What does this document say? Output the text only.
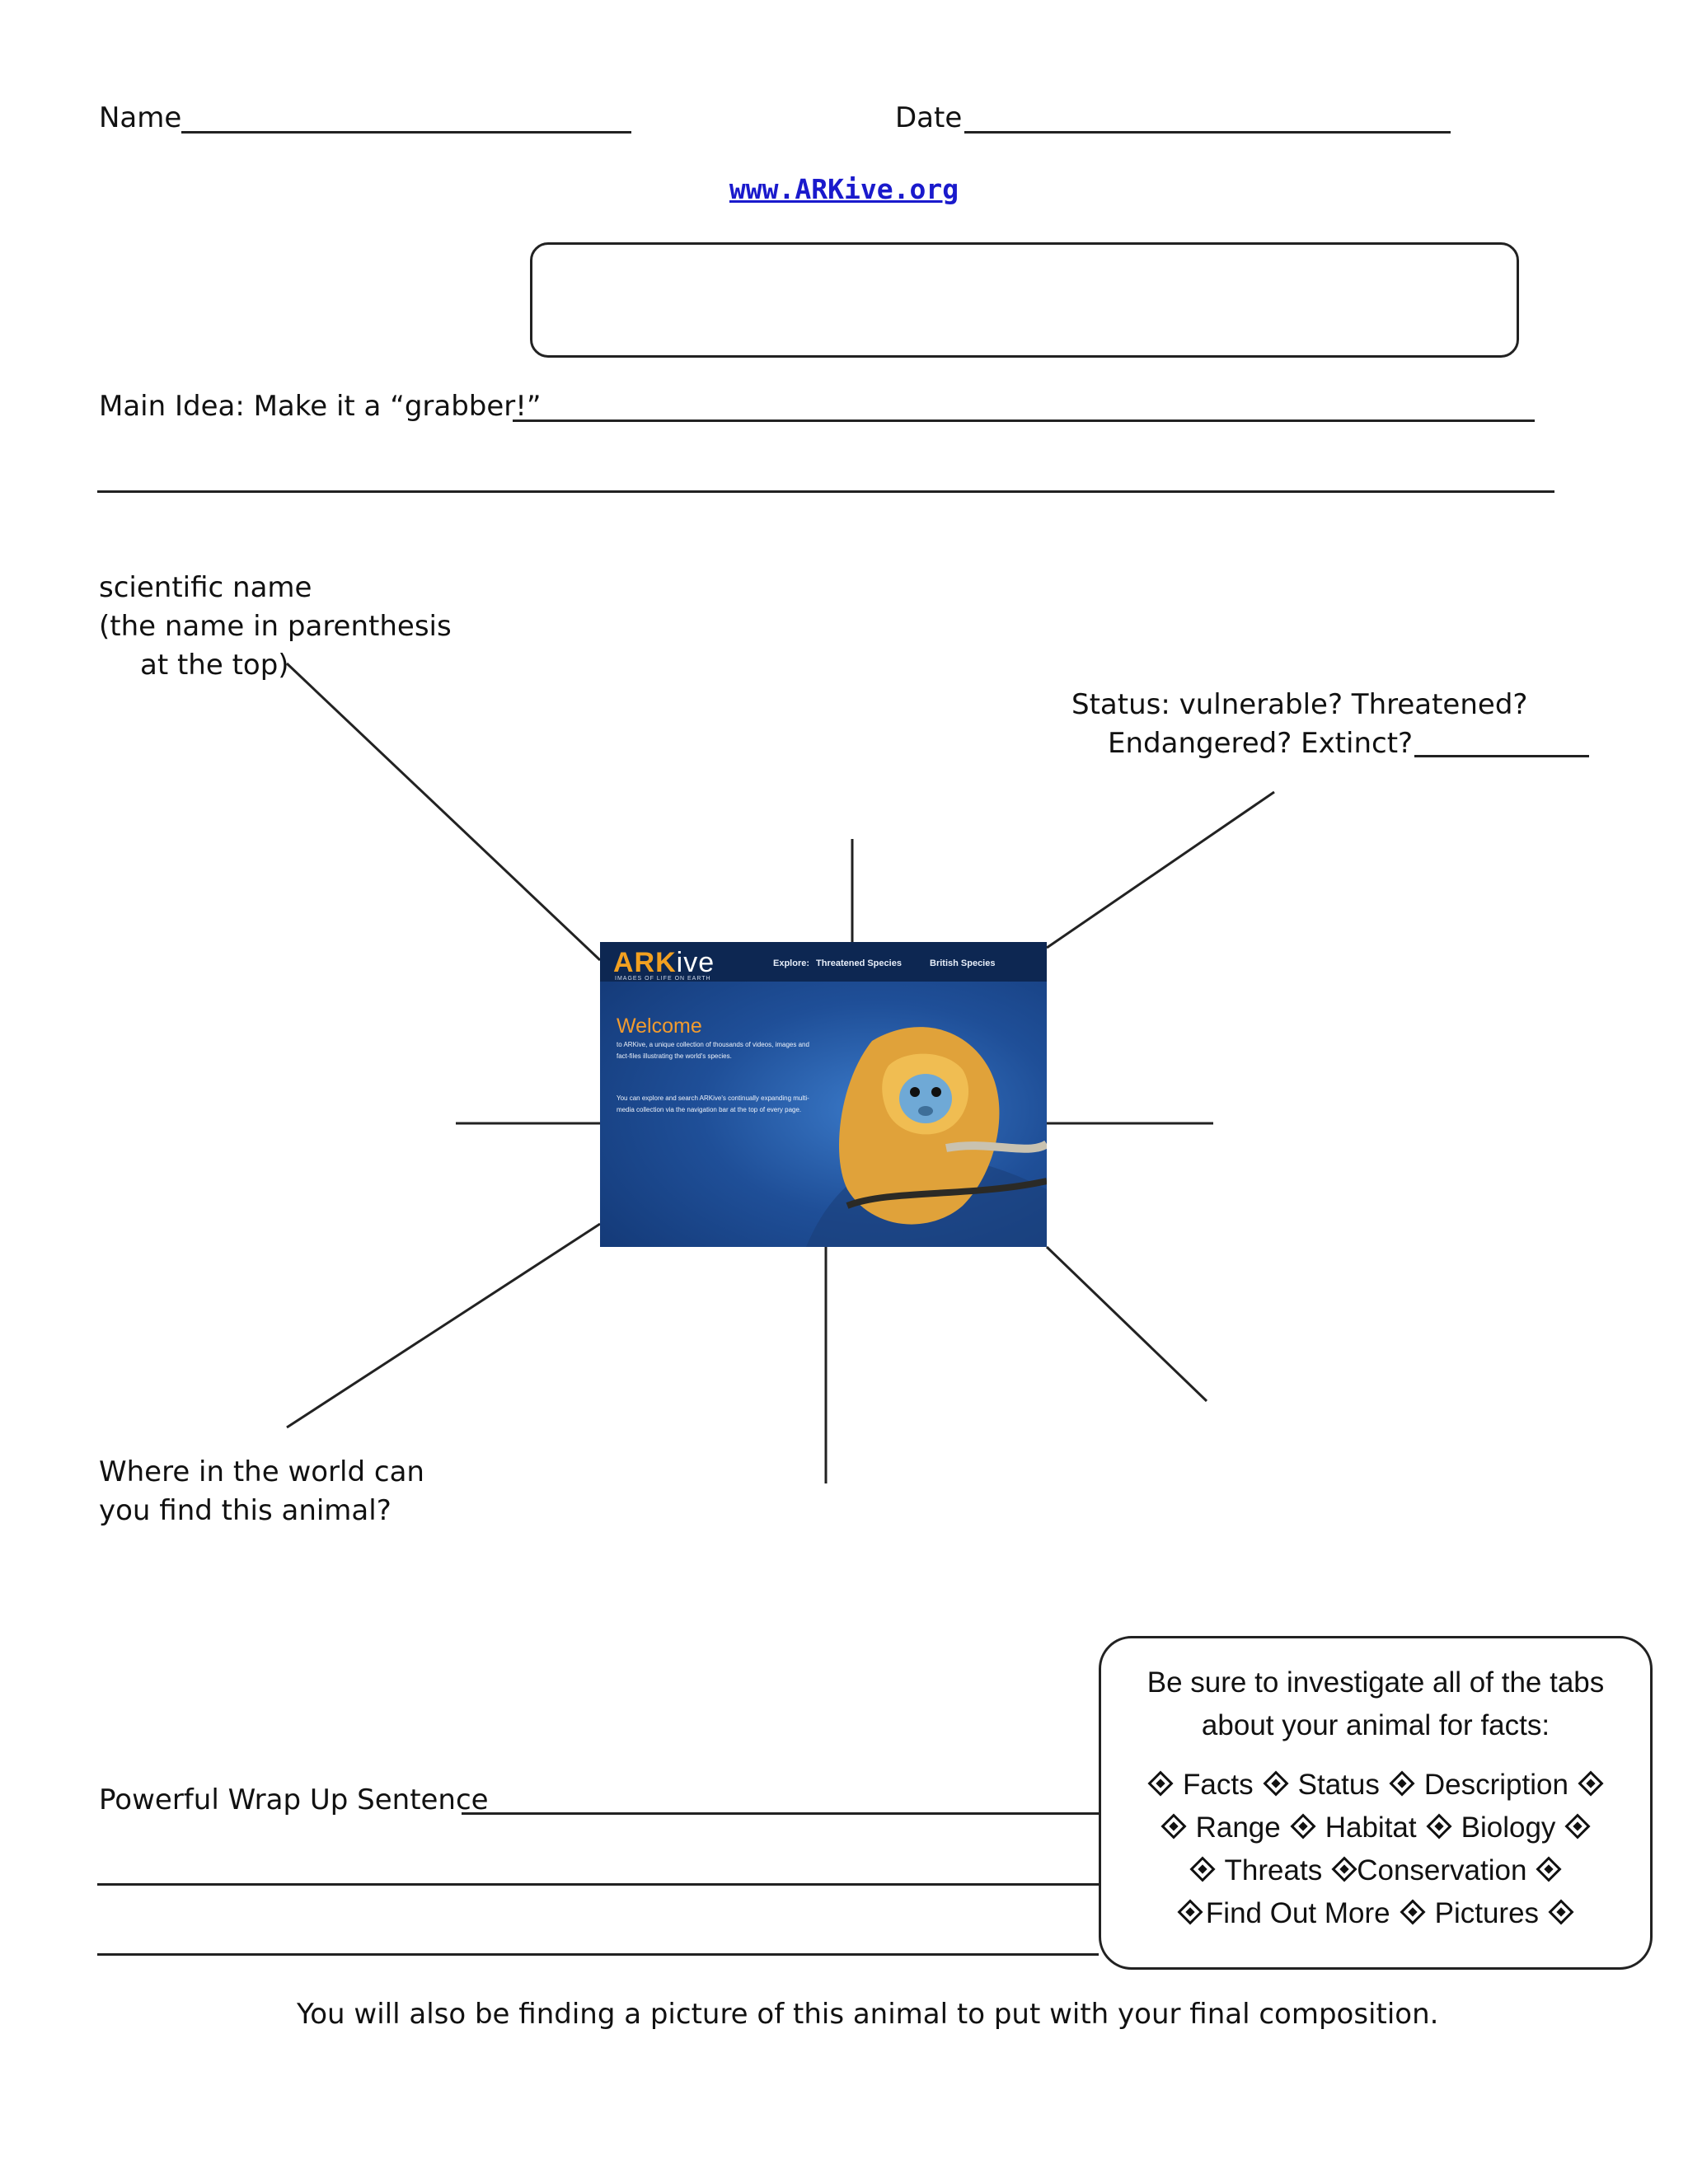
Name	Date
www.ARKive.org
Main Idea: Make it a “grabber!”
scientific name
(the name in parenthesis
at the top)
Status: vulnerable? Threatened?
Endangered? Extinct?
Where in the world can
you find this animal?
ARKive
IMAGES OF LIFE ON EARTH
Explore: Threatened Species	British Species
Welcome
to ARKive, a unique collection of thousands of videos, images and fact-files illustrating the world's species.
You can explore and search ARKive's continually expanding multi-media collection via the navigation bar at the top of every page.
Powerful Wrap Up Sentence
Be sure to investigate all of the tabs
about your animal for facts:
Facts Status Description
Range Habitat Biology
Threats Conservation
Find Out More Pictures
You will also be finding a picture of this animal to put with your final composition.
